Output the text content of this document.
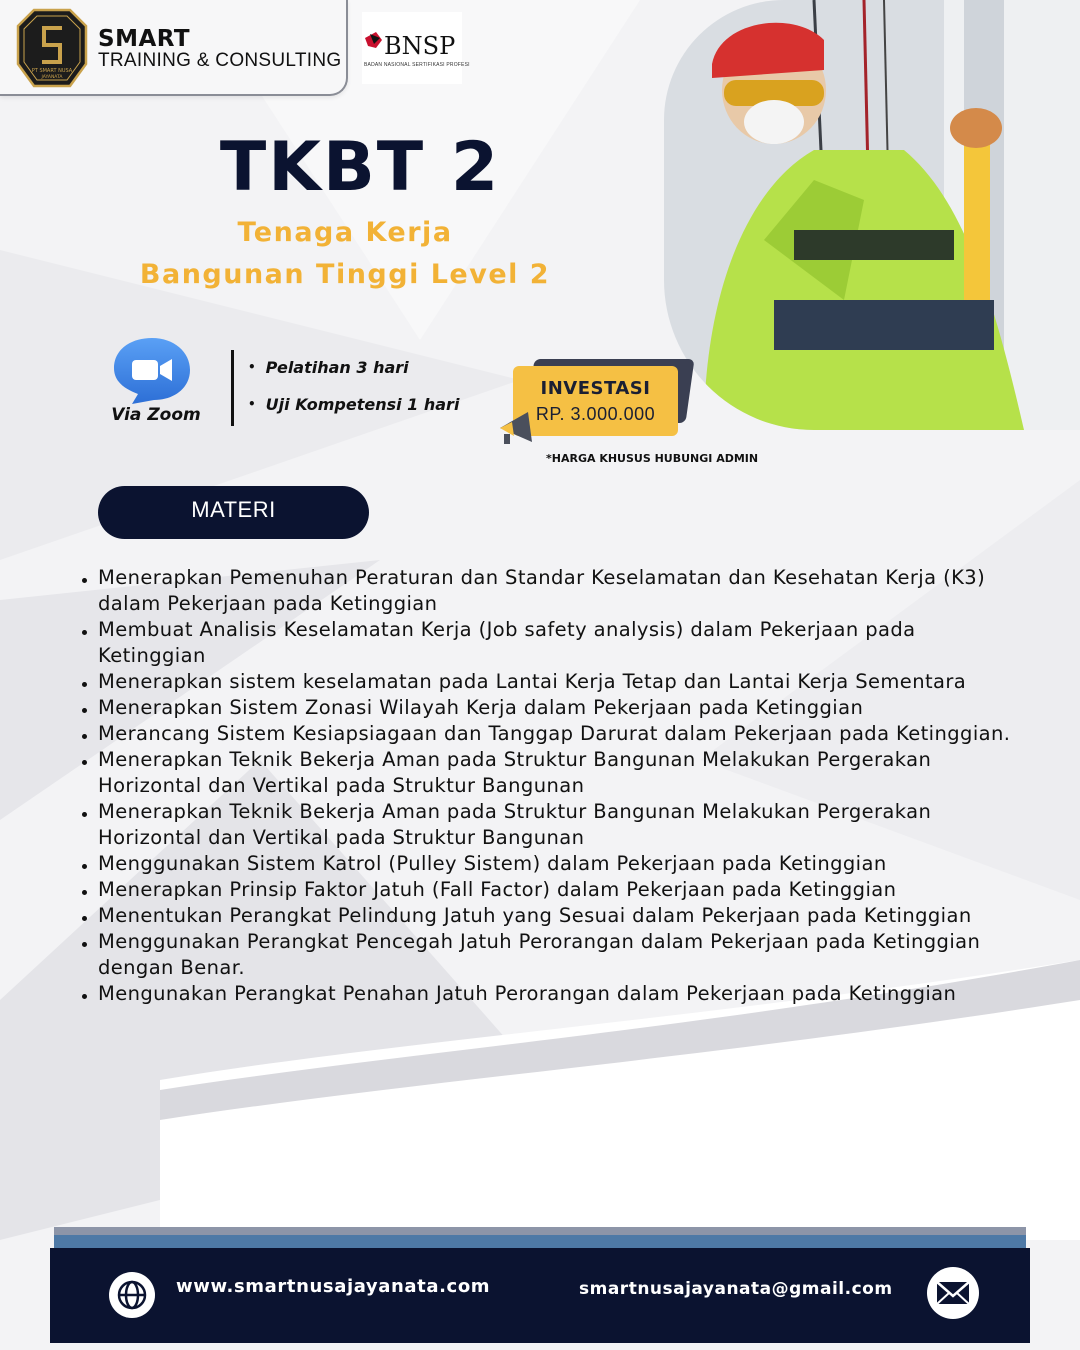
PT SMART NUSA
JAYANATA
SMART
TRAINING & CONSULTING
BNSP
BADAN NASIONAL SERTIFIKASI PROFESI
TKBT 2
Tenaga Kerja
Bangunan Tinggi Level 2
Via Zoom
• Pelatihan 3 hari
• Uji Kompetensi 1 hari
INVESTASI
RP. 3.000.000
*HARGA KHUSUS HUBUNGI ADMIN
MATERI
Menerapkan Pemenuhan Peraturan dan Standar Keselamatan dan Kesehatan Kerja (K3) dalam Pekerjaan pada Ketinggian
Membuat Analisis Keselamatan Kerja (Job safety analysis) dalam Pekerjaan pada Ketinggian
Menerapkan sistem keselamatan pada Lantai Kerja Tetap dan Lantai Kerja Sementara
Menerapkan Sistem Zonasi Wilayah Kerja dalam Pekerjaan pada Ketinggian
Merancang Sistem Kesiapsiagaan dan Tanggap Darurat dalam Pekerjaan pada Ketinggian.
Menerapkan Teknik Bekerja Aman pada Struktur Bangunan Melakukan Pergerakan Horizontal dan Vertikal pada Struktur Bangunan
Menerapkan Teknik Bekerja Aman pada Struktur Bangunan Melakukan Pergerakan Horizontal dan Vertikal pada Struktur Bangunan
Menggunakan Sistem Katrol (Pulley Sistem) dalam Pekerjaan pada Ketinggian
Menerapkan Prinsip Faktor Jatuh (Fall Factor) dalam Pekerjaan pada Ketinggian
Menentukan Perangkat Pelindung Jatuh yang Sesuai dalam Pekerjaan pada Ketinggian
Menggunakan Perangkat Pencegah Jatuh Perorangan dalam Pekerjaan pada Ketinggian dengan Benar.
Mengunakan Perangkat Penahan Jatuh Perorangan dalam Pekerjaan pada Ketinggian
www.smartnusajayanata.com	smartnusajayanata@gmail.com
